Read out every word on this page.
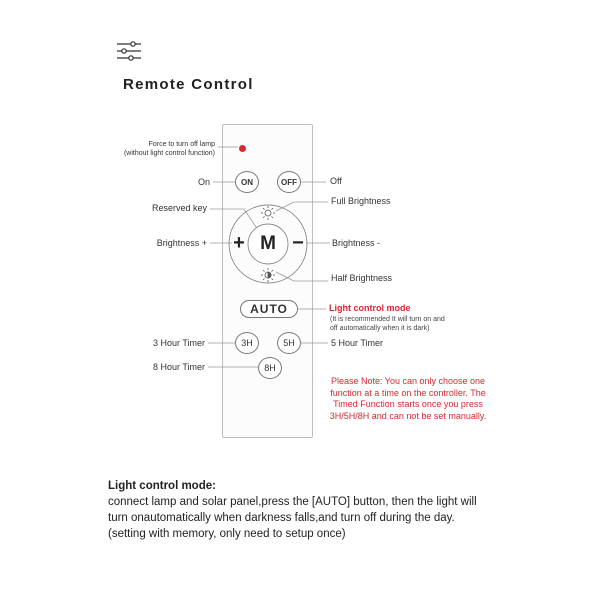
Remote Control
ON	OFF
M
+ −
AUTO
3H	5H
8H
Force to turn off lamp
(without light control function)
On	Off
Full Brightness
Reserved key
Brightness +	Brightness -
Half Brightness
Light control mode
(It is recommended It will turn on and
off automatically when it is dark)
3 Hour Timer	5 Hour Timer
8 Hour Timer
Please Note: You can only choose one function at a time on the controller. The Timed Function starts once you press 3H/5H/8H and can not be set manually.
Light control mode:
connect lamp and solar panel,press the [AUTO] button, then the light will turn onautomatically when darkness falls,and turn off during the day.(setting with memory, only need to setup once)
